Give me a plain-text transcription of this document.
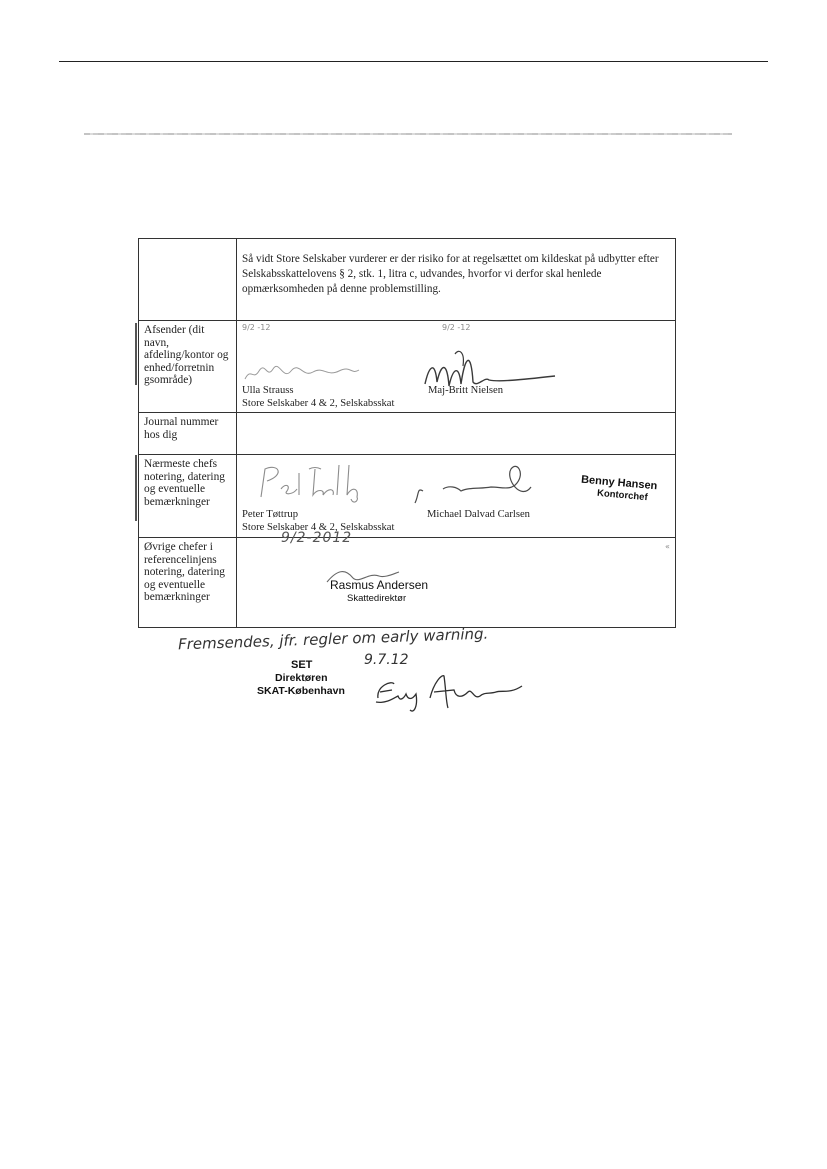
	Så vidt Store Selskaber vurderer er der risiko for at regelsættet om kildeskat på udbytter efter Selskabsskattelovens § 2, stk. 1, litra c, udvandes, hvorfor vi derfor skal henlede opmærksomheden på denne problemstilling.

Afsender (dit navn, afdeling/kontor og enhed/forretnin gsområde)	9/2 -12 9/2 -12
Ulla Strauss Maj-Britt Nielsen
Store Selskaber 4 & 2, Selskabsskat

Journal nummer hos dig	

Nærmeste chefs notering, datering og eventuelle bemærkninger	Benny Hansen
Kontorchef
Peter Tøttrup Michael Dalvad Carlsen
Store Selskaber 4 & 2, Selskabsskat

Øvrige chefer i referencelinjens notering, datering og eventuelle bemærkninger	9/2-2012
«
Rasmus Andersen
Skattedirektør
Fremsendes, jfr. regler om early warning.
9.7.12
SET
Direktøren
SKAT-København
